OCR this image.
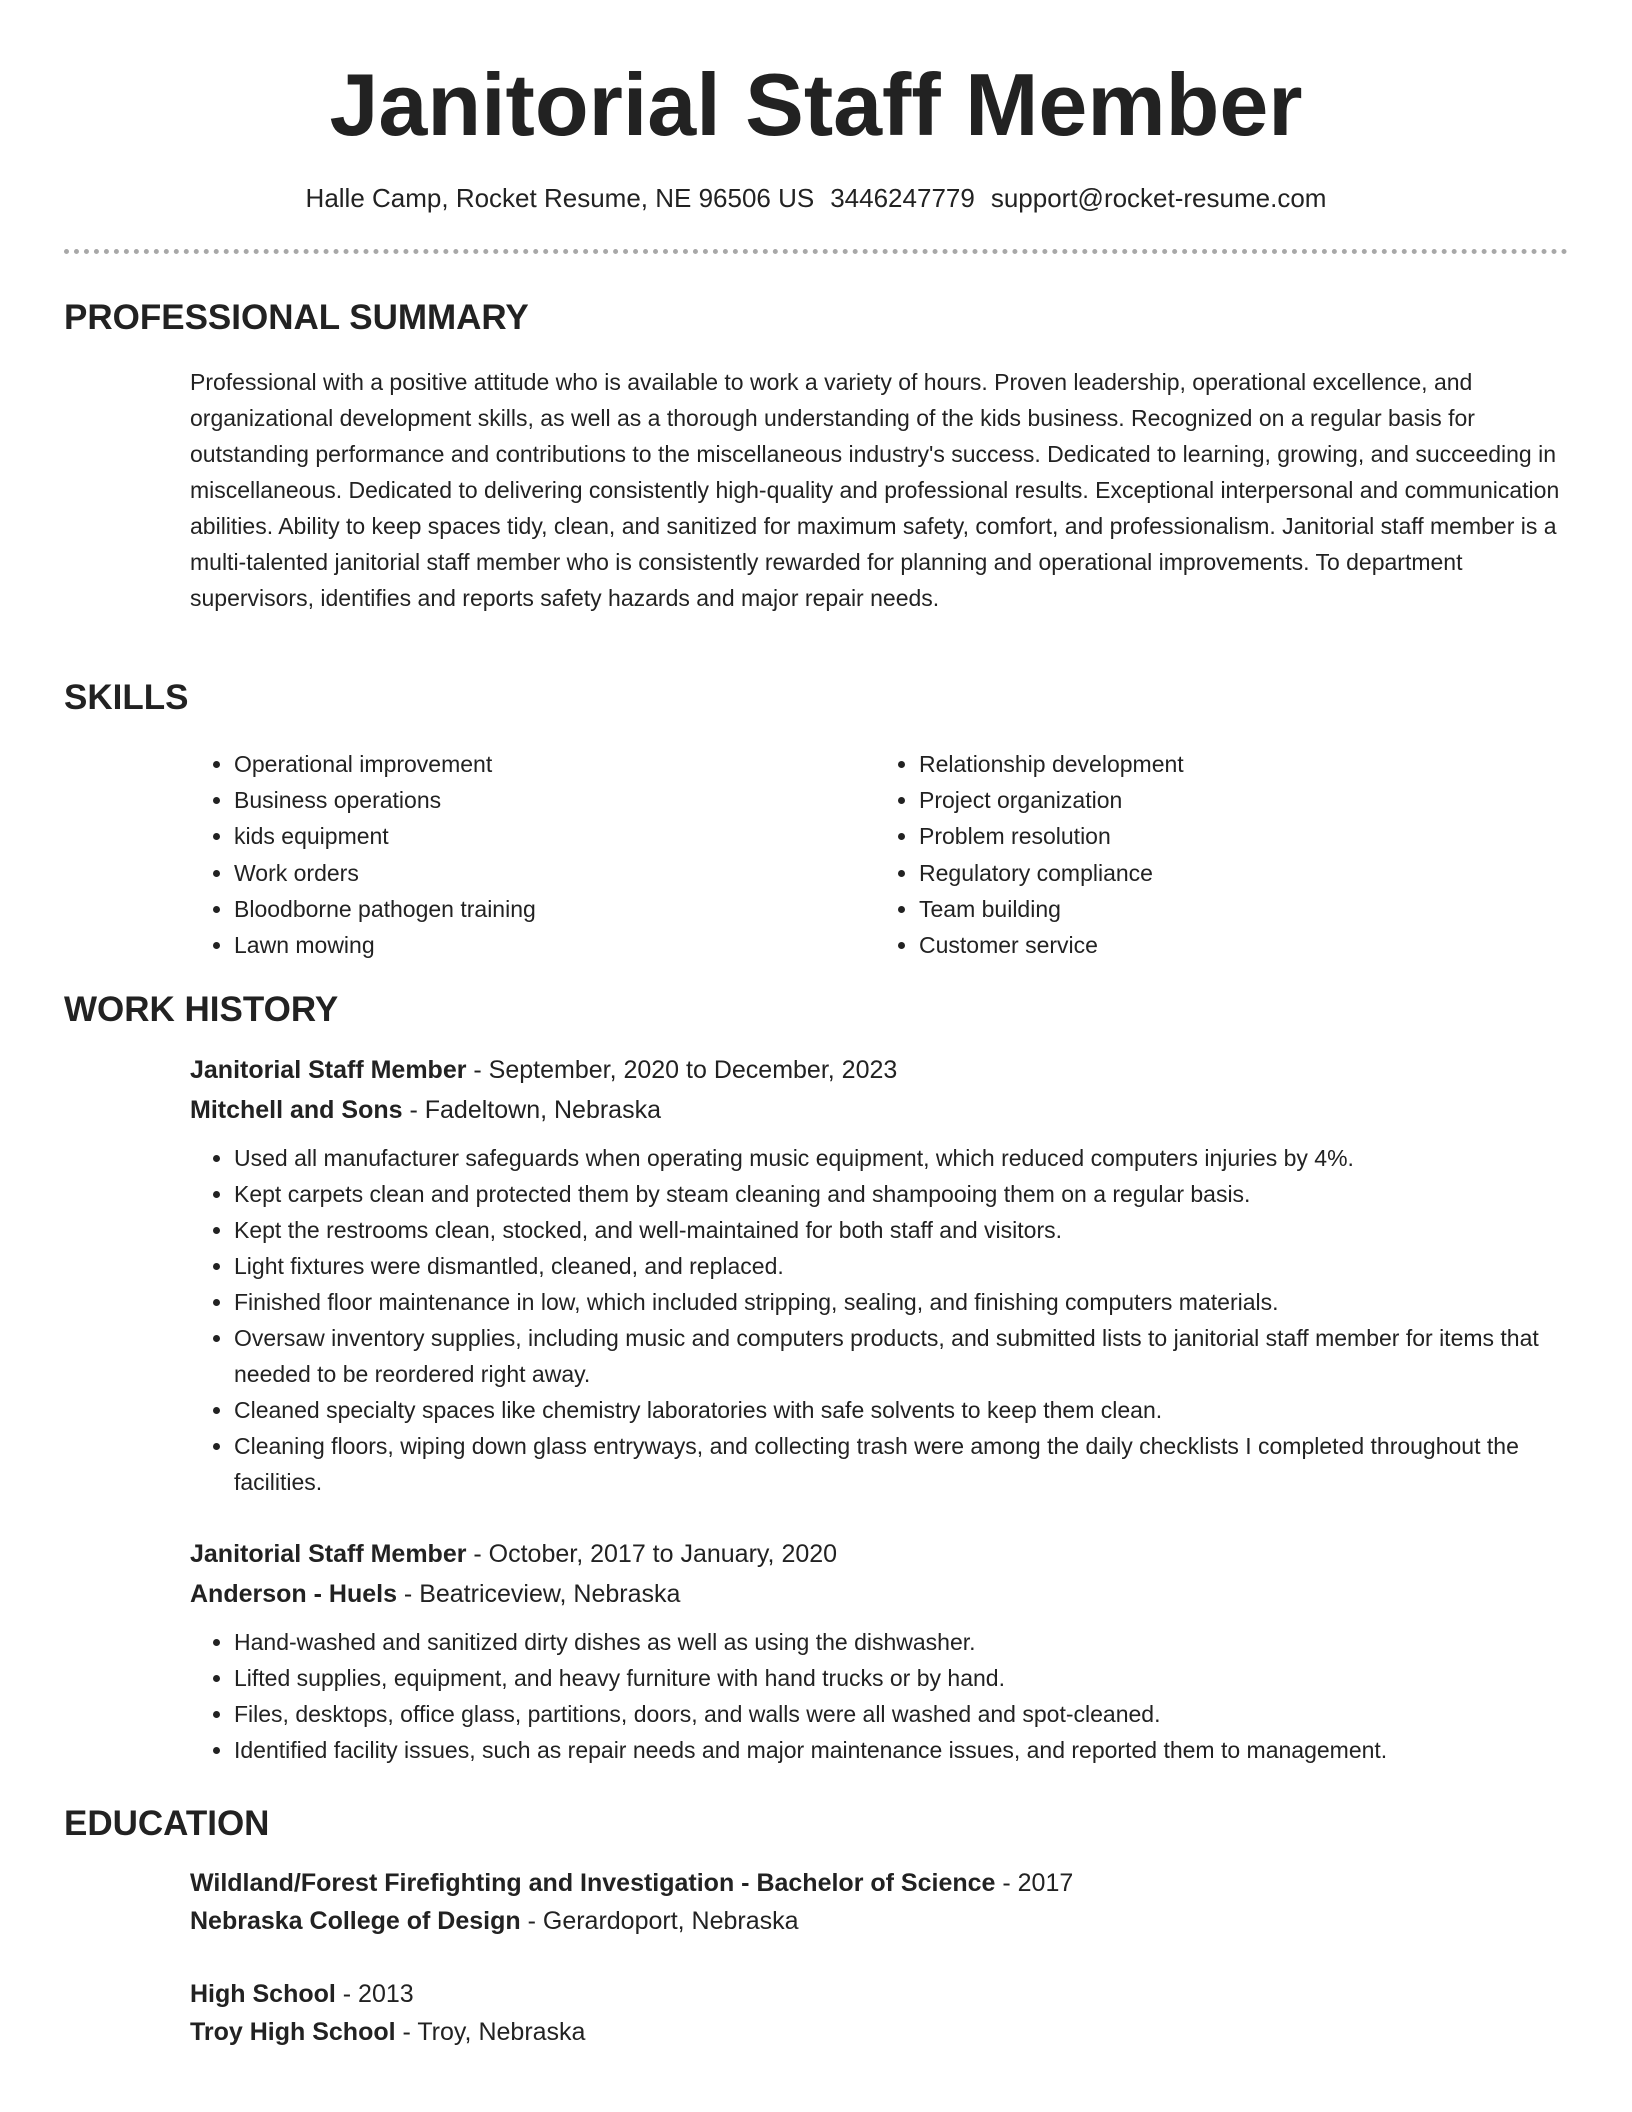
Janitorial Staff Member
Halle Camp, Rocket Resume, NE 96506 US 3446247779 support@rocket-resume.com
PROFESSIONAL SUMMARY
Professional with a positive attitude who is available to work a variety of hours. Proven leadership, operational excellence, and organizational development skills, as well as a thorough understanding of the kids business. Recognized on a regular basis for outstanding performance and contributions to the miscellaneous industry's success. Dedicated to learning, growing, and succeeding in miscellaneous. Dedicated to delivering consistently high-quality and professional results. Exceptional interpersonal and communication abilities. Ability to keep spaces tidy, clean, and sanitized for maximum safety, comfort, and professionalism. Janitorial staff member is a multi-talented janitorial staff member who is consistently rewarded for planning and operational improvements. To department supervisors, identifies and reports safety hazards and major repair needs.
SKILLS
• Operational improvement
• Business operations
• kids equipment
• Work orders
• Bloodborne pathogen training
• Lawn mowing
• Relationship development
• Project organization
• Problem resolution
• Regulatory compliance
• Team building
• Customer service
WORK HISTORY
Janitorial Staff Member - September, 2020 to December, 2023
Mitchell and Sons - Fadeltown, Nebraska
• Used all manufacturer safeguards when operating music equipment, which reduced computers injuries by 4%.
• Kept carpets clean and protected them by steam cleaning and shampooing them on a regular basis.
• Kept the restrooms clean, stocked, and well-maintained for both staff and visitors.
• Light fixtures were dismantled, cleaned, and replaced.
• Finished floor maintenance in low, which included stripping, sealing, and finishing computers materials.
• Oversaw inventory supplies, including music and computers products, and submitted lists to janitorial staff member for items that needed to be reordered right away.
• Cleaned specialty spaces like chemistry laboratories with safe solvents to keep them clean.
• Cleaning floors, wiping down glass entryways, and collecting trash were among the daily checklists I completed throughout the facilities.
Janitorial Staff Member - October, 2017 to January, 2020
Anderson - Huels - Beatriceview, Nebraska
• Hand-washed and sanitized dirty dishes as well as using the dishwasher.
• Lifted supplies, equipment, and heavy furniture with hand trucks or by hand.
• Files, desktops, office glass, partitions, doors, and walls were all washed and spot-cleaned.
• Identified facility issues, such as repair needs and major maintenance issues, and reported them to management.
EDUCATION
Wildland/Forest Firefighting and Investigation - Bachelor of Science - 2017
Nebraska College of Design - Gerardoport, Nebraska
High School - 2013
Troy High School - Troy, Nebraska
